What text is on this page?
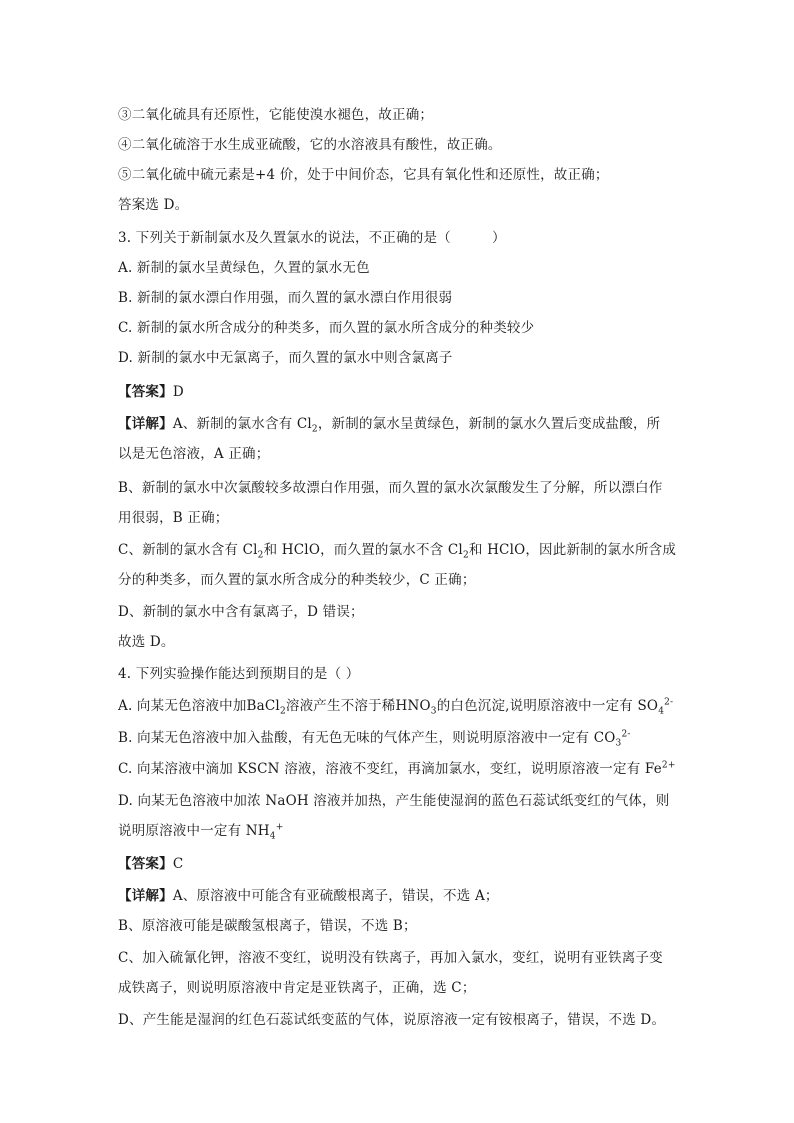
③二氧化硫具有还原性，它能使溴水褪色，故正确；
④二氧化硫溶于水生成亚硫酸，它的水溶液具有酸性，故正确。
⑤二氧化硫中硫元素是+4 价，处于中间价态，它具有氧化性和还原性，故正确；
答案选 D。
3. 下列关于新制氯水及久置氯水的说法，不正确的是（　　　）
A. 新制的氯水呈黄绿色，久置的氯水无色
B. 新制的氯水漂白作用强，而久置的氯水漂白作用很弱
C. 新制的氯水所含成分的种类多，而久置的氯水所含成分的种类较少
D. 新制的氯水中无氯离子，而久置的氯水中则含氯离子
【答案】D
【详解】A、新制的氯水含有 $Cl_2$，新制的氯水呈黄绿色，新制的氯水久置后变成盐酸，所
以是无色溶液，A 正确；
B、新制的氯水中次氯酸较多故漂白作用强，而久置的氯水次氯酸发生了分解，所以漂白作
用很弱，B 正确；
C、新制的氯水含有 $Cl_2$和 HClO，而久置的氯水不含 $Cl_2$和 HClO，因此新制的氯水所含成
分的种类多，而久置的氯水所含成分的种类较少，C 正确；
D、新制的氯水中含有氯离子，D 错误；
故选 D。
4. 下列实验操作能达到预期目的是（ ）
A. 向某无色溶液中加BaCl$_2$溶液产生不溶于稀$HNO_3$的白色沉淀,说明原溶液中一定有 $SO_4^{2-}$
B. 向某无色溶液中加入盐酸，有无色无味的气体产生，则说明原溶液中一定有 $CO_3^{2-}$
C. 向某溶液中滴加 KSCN 溶液，溶液不变红，再滴加氯水，变红，说明原溶液一定有 $Fe^{2+}$
D. 向某无色溶液中加浓 NaOH 溶液并加热，产生能使湿润的蓝色石蕊试纸变红的气体，则
说明原溶液中一定有 $NH_4^+$
【答案】C
【详解】A、原溶液中可能含有亚硫酸根离子，错误，不选 A；
B、原溶液可能是碳酸氢根离子，错误，不选 B；
C、加入硫氰化钾，溶液不变红，说明没有铁离子，再加入氯水，变红，说明有亚铁离子变
成铁离子，则说明原溶液中肯定是亚铁离子，正确，选 C；
D、产生能是湿润的红色石蕊试纸变蓝的气体，说原溶液一定有铵根离子，错误，不选 D。
